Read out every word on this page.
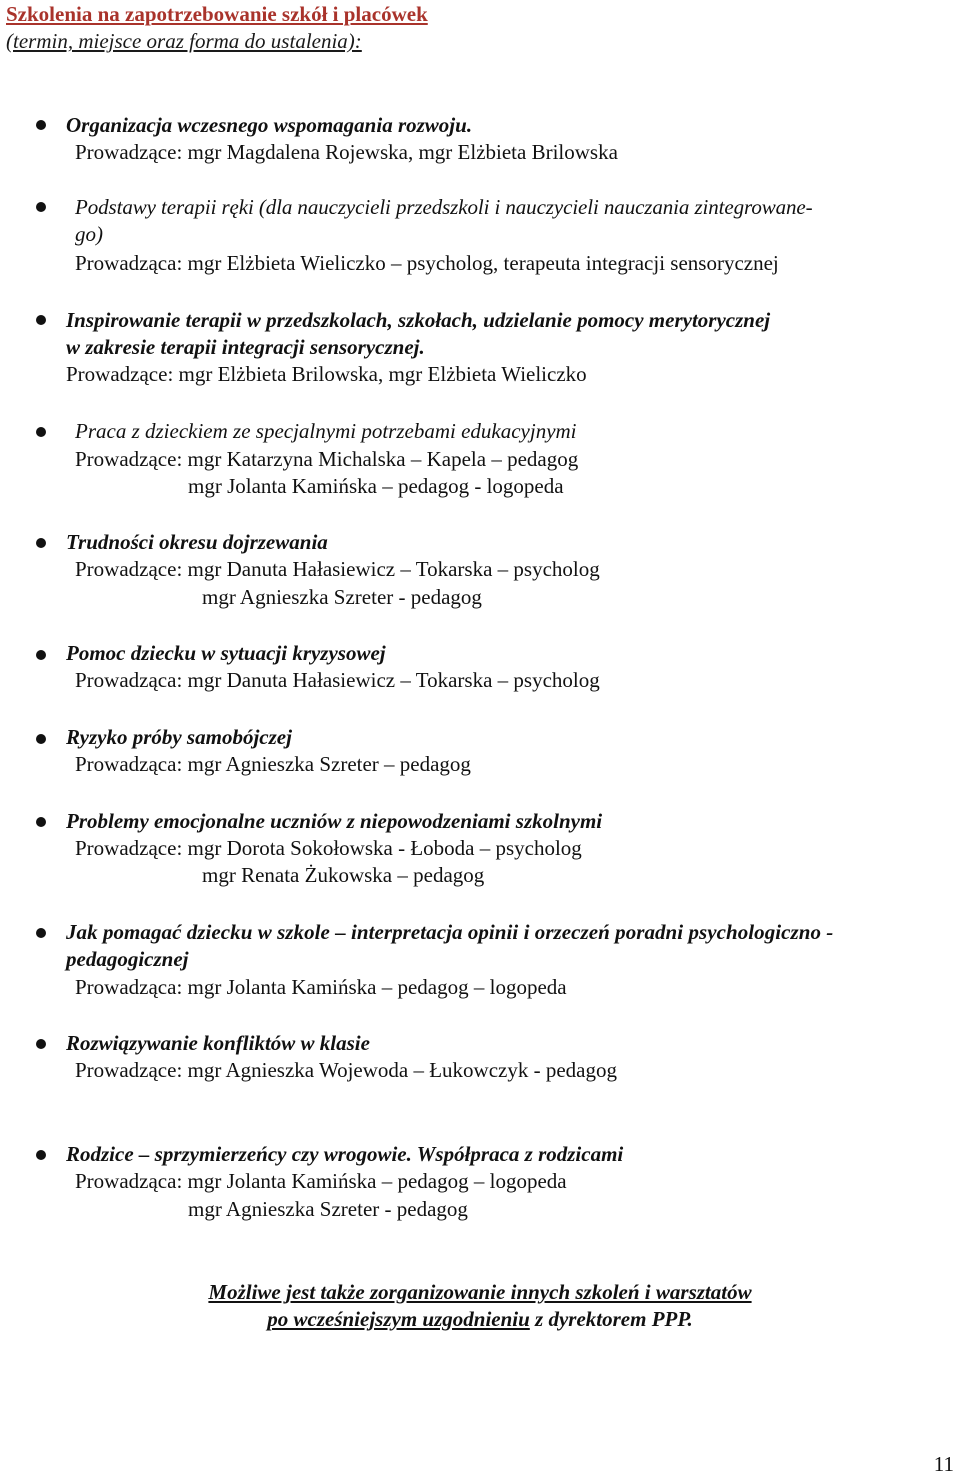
Szkolenia na zapotrzebowanie szkół i placówek
(termin, miejsce oraz forma do ustalenia):
Organizacja wczesnego wspomagania rozwoju.
Prowadzące: mgr Magdalena Rojewska, mgr Elżbieta Brilowska
Podstawy terapii ręki (dla nauczycieli przedszkoli i nauczycieli nauczania zintegrowane-
go)
Prowadząca: mgr Elżbieta Wieliczko – psycholog, terapeuta integracji sensorycznej
Inspirowanie terapii w przedszkolach, szkołach, udzielanie pomocy merytorycznej
w zakresie terapii integracji sensorycznej.
Prowadzące: mgr Elżbieta Brilowska, mgr Elżbieta Wieliczko
Praca z dzieckiem ze specjalnymi potrzebami edukacyjnymi
Prowadzące: mgr Katarzyna Michalska – Kapela – pedagog
mgr Jolanta Kamińska – pedagog - logopeda
Trudności okresu dojrzewania
Prowadzące: mgr Danuta Hałasiewicz – Tokarska – psycholog
mgr Agnieszka Szreter - pedagog
Pomoc dziecku w sytuacji kryzysowej
Prowadząca: mgr Danuta Hałasiewicz – Tokarska – psycholog
Ryzyko próby samobójczej
Prowadząca: mgr Agnieszka Szreter – pedagog
Problemy emocjonalne uczniów z niepowodzeniami szkolnymi
Prowadzące: mgr Dorota Sokołowska - Łoboda – psycholog
mgr Renata Żukowska – pedagog
Jak pomagać dziecku w szkole – interpretacja opinii i orzeczeń poradni psychologiczno -
pedagogicznej
Prowadząca: mgr Jolanta Kamińska – pedagog – logopeda
Rozwiązywanie konfliktów w klasie
Prowadzące: mgr Agnieszka Wojewoda – Łukowczyk - pedagog
Rodzice – sprzymierzeńcy czy wrogowie. Współpraca z rodzicami
Prowadząca: mgr Jolanta Kamińska – pedagog – logopeda
mgr Agnieszka Szreter - pedagog
Możliwe jest także zorganizowanie innych szkoleń i warsztatów
po wcześniejszym uzgodnieniu z dyrektorem PPP.
11
